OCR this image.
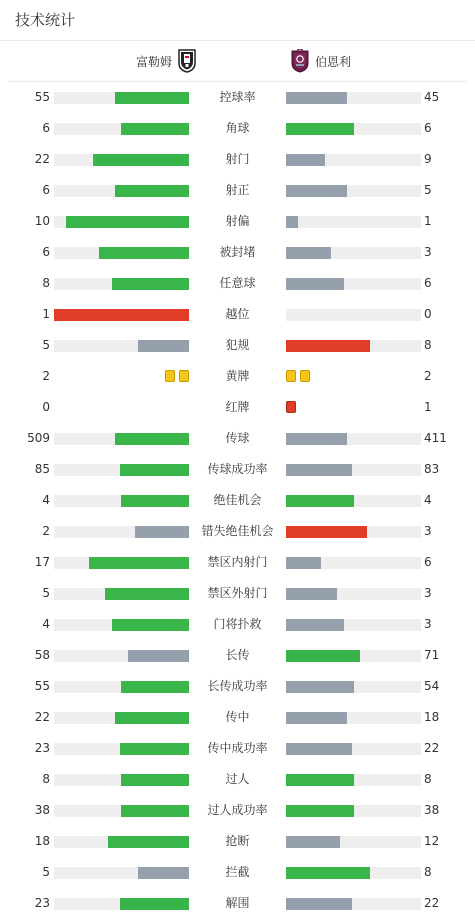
技术统计
富勒姆	伯恩利
55	控球率	45
6	角球	6
22	射门	9
6	射正	5
10	射偏	1
6	被封堵	3
8	任意球	6
1	越位	0
5	犯规	8
2	黄牌	2
0	红牌	1
509	传球	411
85	传球成功率	83
4	绝佳机会	4
2	错失绝佳机会	3
17	禁区内射门	6
5	禁区外射门	3
4	门将扑救	3
58	长传	71
55	长传成功率	54
22	传中	18
23	传中成功率	22
8	过人	8
38	过人成功率	38
18	抢断	12
5	拦截	8
23	解围	22
